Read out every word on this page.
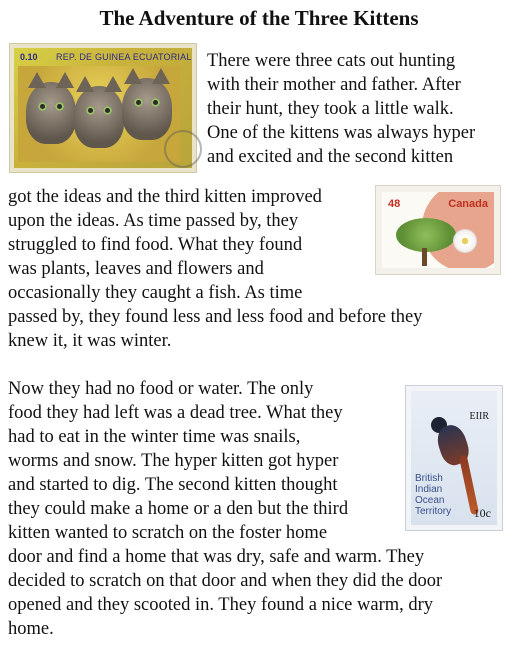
The Adventure of the Three Kittens
0.10 REP. DE GUINEA ECUATORIAL
48	Canada
EIIR
British Indian Ocean Territory	10c
There were three cats out hunting
with their mother and father. After
their hunt, they took a little walk.
One of the kittens was always hyper
and excited and the second kitten
got the ideas and the third kitten improved
upon the ideas. As time passed by, they
struggled to find food. What they found
was plants, leaves and flowers and
occasionally they caught a fish. As time
passed by, they found less and less food and before they
knew it, it was winter.
Now they had no food or water. The only
food they had left was a dead tree. What they
had to eat in the winter time was snails,
worms and snow. The hyper kitten got hyper
and started to dig. The second kitten thought
they could make a home or a den but the third
kitten wanted to scratch on the foster home
door and find a home that was dry, safe and warm. They
decided to scratch on that door and when they did the door
opened and they scooted in. They found a nice warm, dry
home.
